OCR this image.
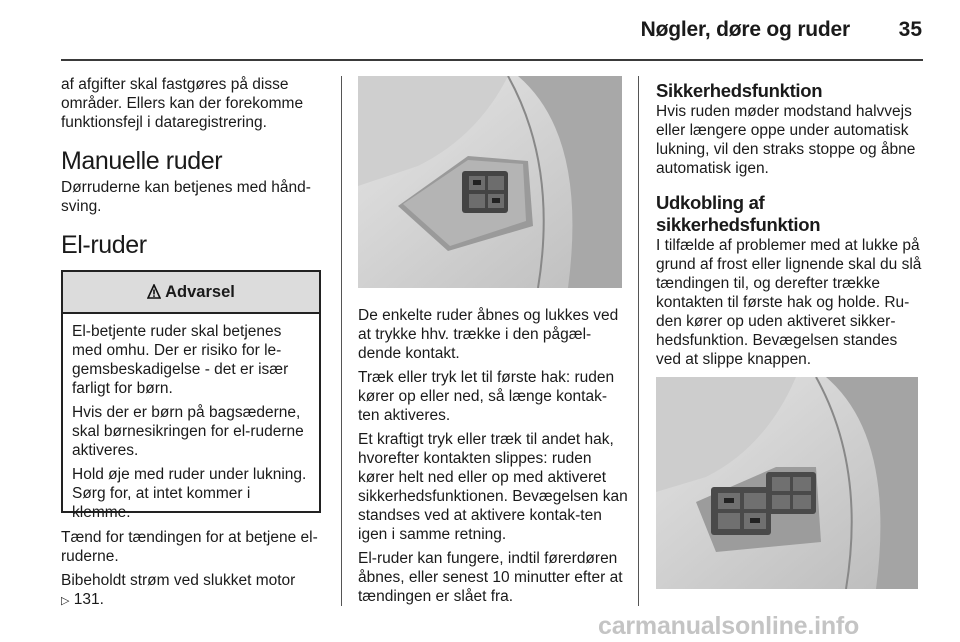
Nøgler, døre og ruder	35

af afgifter skal fastgøres på disse områder. Ellers kan der forekomme funktionsfejl i dataregistrering.

Manuelle ruder

Dørruderne kan betjenes med hånd-sving.

El-ruder
Advarsel

El-betjente ruder skal betjenes med omhu. Der er risiko for le-gemsbeskadigelse - det er især farligt for børn.

Hvis der er børn på bagsæderne, skal børnesikringen for el-ruderne aktiveres.

Hold øje med ruder under lukning. Sørg for, at intet kommer i klemme.

Tænd for tændingen for at betjene el-ruderne.

Bibeholdt strøm ved slukket motor
▷ 131.

De enkelte ruder åbnes og lukkes ved at trykke hhv. trække i den pågæl-dende kontakt.

Træk eller tryk let til første hak: ruden kører op eller ned, så længe kontak-ten aktiveres.

Et kraftigt tryk eller træk til andet hak, hvorefter kontakten slippes: ruden kører helt ned eller op med aktiveret sikkerhedsfunktionen. Bevægelsen kan standses ved at aktivere kontak-ten igen i samme retning.

El-ruder kan fungere, indtil førerdøren åbnes, eller senest 10 minutter efter at tændingen er slået fra.

Sikkerhedsfunktion

Hvis ruden møder modstand halvvejs eller længere oppe under automatisk lukning, vil den straks stoppe og åbne automatisk igen.

Udkobling af sikkerhedsfunktion

I tilfælde af problemer med at lukke på grund af frost eller lignende skal du slå tændingen til, og derefter trække kontakten til første hak og holde. Ru-den kører op uden aktiveret sikker-hedsfunktion. Bevægelsen standes ved at slippe knappen.

carmanualsonline.info
